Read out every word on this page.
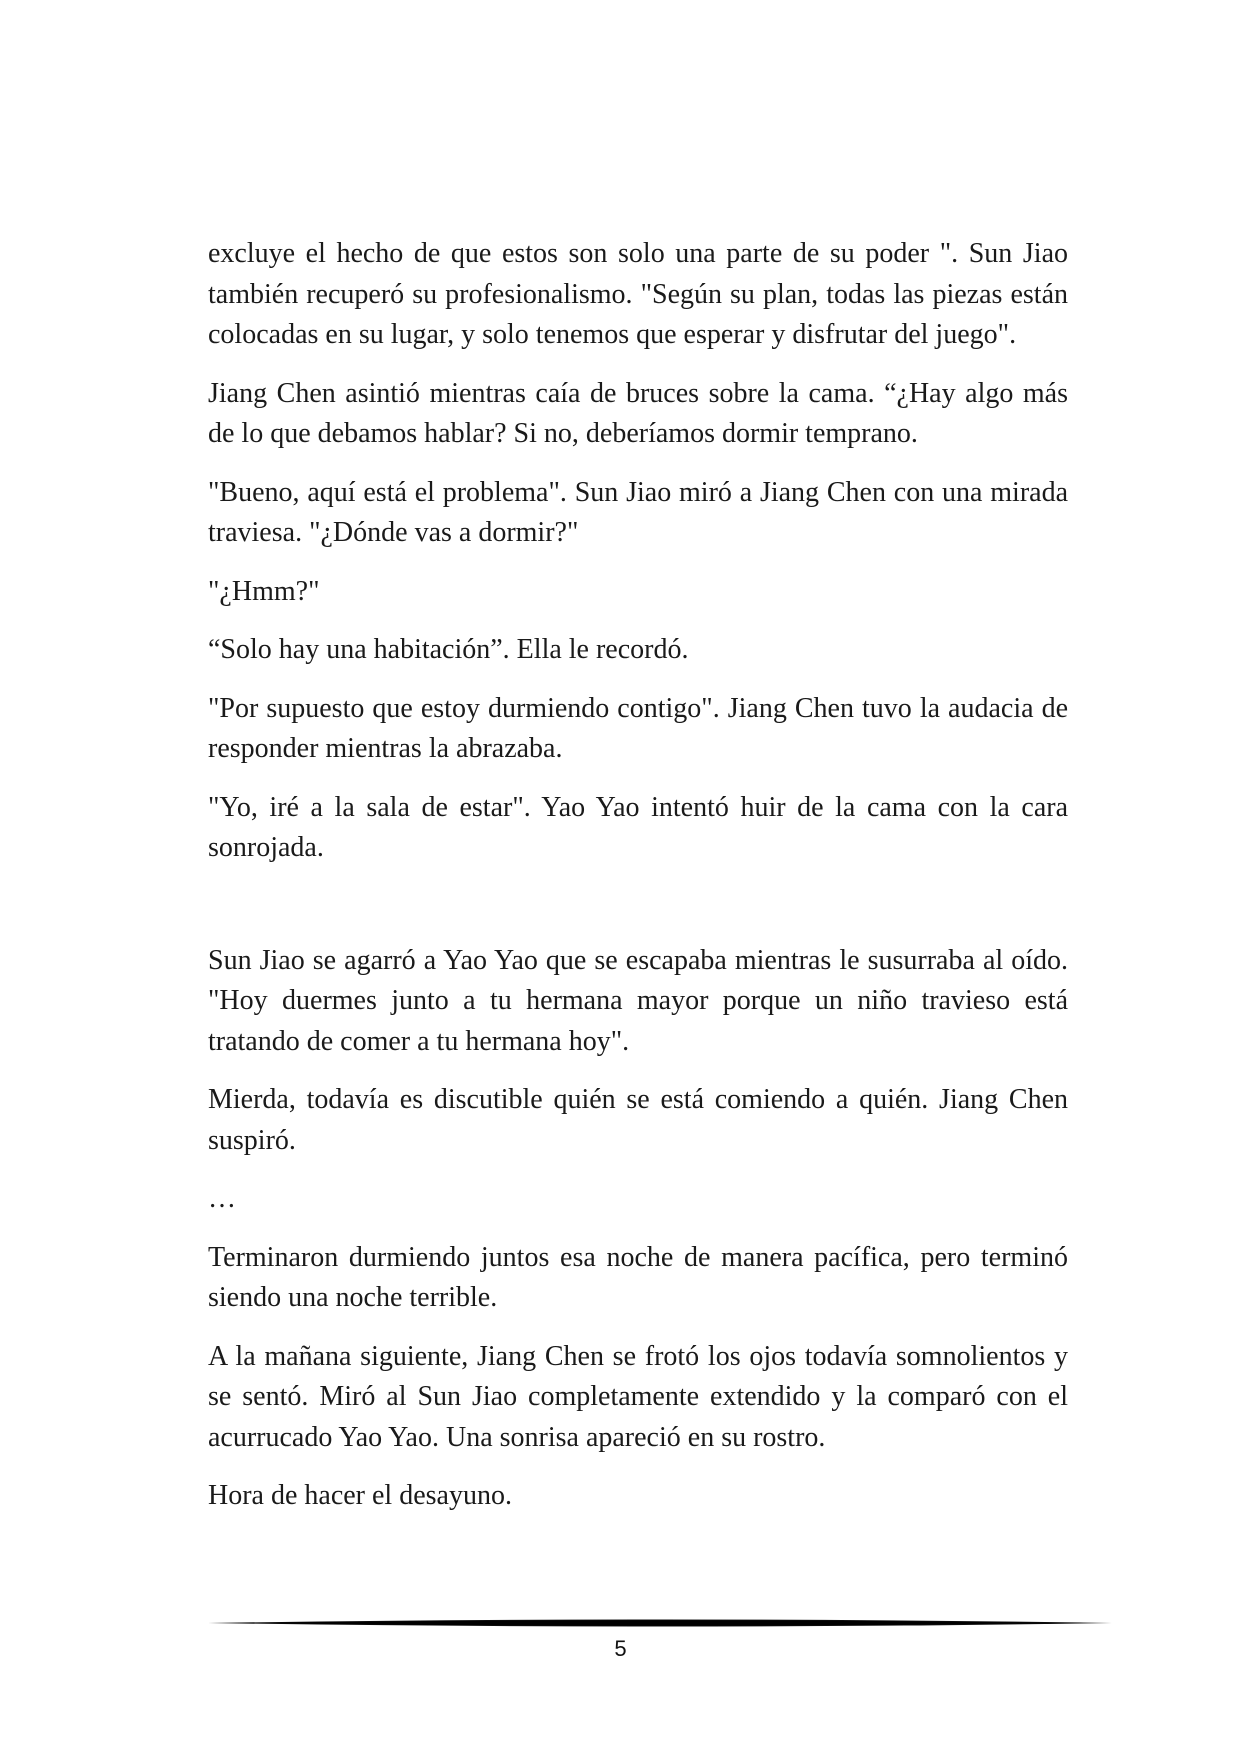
excluye el hecho de que estos son solo una parte de su poder ". Sun Jiao también recuperó su profesionalismo. "Según su plan, todas las piezas están colocadas en su lugar, y solo tenemos que esperar y disfrutar del juego".

Jiang Chen asintió mientras caía de bruces sobre la cama. “¿Hay algo más de lo que debamos hablar? Si no, deberíamos dormir temprano.

"Bueno, aquí está el problema". Sun Jiao miró a Jiang Chen con una mirada traviesa. "¿Dónde vas a dormir?"

"¿Hmm?"

“Solo hay una habitación”. Ella le recordó.

"Por supuesto que estoy durmiendo contigo". Jiang Chen tuvo la audacia de responder mientras la abrazaba.

"Yo, iré a la sala de estar". Yao Yao intentó huir de la cama con la cara sonrojada.

Sun Jiao se agarró a Yao Yao que se escapaba mientras le susurraba al oído. "Hoy duermes junto a tu hermana mayor porque un niño travieso está tratando de comer a tu hermana hoy".

Mierda, todavía es discutible quién se está comiendo a quién. Jiang Chen suspiró.

…

Terminaron durmiendo juntos esa noche de manera pacífica, pero terminó siendo una noche terrible.

A la mañana siguiente, Jiang Chen se frotó los ojos todavía somnolientos y se sentó. Miró al Sun Jiao completamente extendido y la comparó con el acurrucado Yao Yao. Una sonrisa apareció en su rostro.

Hora de hacer el desayuno.

5
